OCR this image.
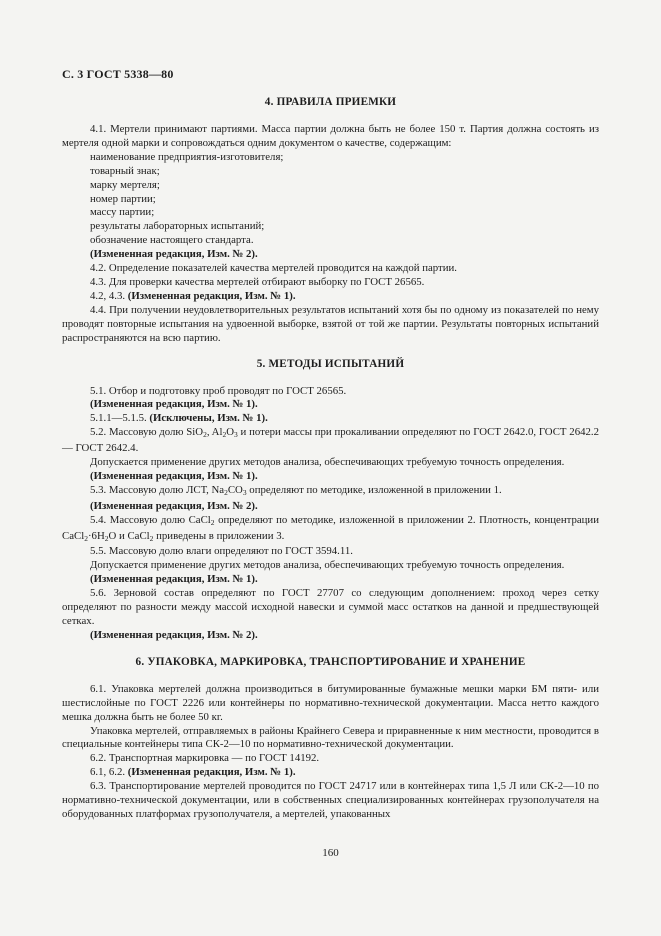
С. 3 ГОСТ 5338—80
4. ПРАВИЛА ПРИЕМКИ

4.1. Мертели принимают партиями. Масса партии должна быть не более 150 т. Партия должна состоять из мертеля одной марки и сопровождаться одним документом о качестве, содержащим:

наименование предприятия-изготовителя;

товарный знак;

марку мертеля;

номер партии;

массу партии;

результаты лабораторных испытаний;

обозначение настоящего стандарта.

(Измененная редакция, Изм. № 2).

4.2. Определение показателей качества мертелей проводится на каждой партии.

4.3. Для проверки качества мертелей отбирают выборку по ГОСТ 26565.

4.2, 4.3. (Измененная редакция, Изм. № 1).

4.4. При получении неудовлетворительных результатов испытаний хотя бы по одному из показателей по нему проводят повторные испытания на удвоенной выборке, взятой от той же партии. Результаты повторных испытаний распространяются на всю партию.

5. МЕТОДЫ ИСПЫТАНИЙ

5.1. Отбор и подготовку проб проводят по ГОСТ 26565.

(Измененная редакция, Изм. № 1).

5.1.1—5.1.5. (Исключены, Изм. № 1).

5.2. Массовую долю SiO2, Al2O3 и потери массы при прокаливании определяют по ГОСТ 2642.0, ГОСТ 2642.2 — ГОСТ 2642.4.

Допускается применение других методов анализа, обеспечивающих требуемую точность определения.

(Измененная редакция, Изм. № 1).

5.3. Массовую долю ЛСТ, Na2CO3 определяют по методике, изложенной в приложении 1.

(Измененная редакция, Изм. № 2).

5.4. Массовую долю CaCl2 определяют по методике, изложенной в приложении 2. Плотность, концентрации CaCl2·6H2O и CaCl2 приведены в приложении 3.

5.5. Массовую долю влаги определяют по ГОСТ 3594.11.

Допускается применение других методов анализа, обеспечивающих требуемую точность определения.

(Измененная редакция, Изм. № 1).

5.6. Зерновой состав определяют по ГОСТ 27707 со следующим дополнением: проход через сетку определяют по разности между массой исходной навески и суммой масс остатков на данной и предшествующей сетках.

(Измененная редакция, Изм. № 2).

6. УПАКОВКА, МАРКИРОВКА, ТРАНСПОРТИРОВАНИЕ И ХРАНЕНИЕ

6.1. Упаковка мертелей должна производиться в битумированные бумажные мешки марки БМ пяти- или шестислойные по ГОСТ 2226 или контейнеры по нормативно-технической документации. Масса нетто каждого мешка должна быть не более 50 кг.

Упаковка мертелей, отправляемых в районы Крайнего Севера и приравненные к ним местности, проводится в специальные контейнеры типа СК-2—10 по нормативно-технической документации.

6.2. Транспортная маркировка — по ГОСТ 14192.

6.1, 6.2. (Измененная редакция, Изм. № 1).

6.3. Транспортирование мертелей проводится по ГОСТ 24717 или в контейнерах типа 1,5 Л или СК-2—10 по нормативно-технической документации, или в собственных специализированных контейнерах грузополучателя на оборудованных платформах грузополучателя, а мертелей, упакованных

160
